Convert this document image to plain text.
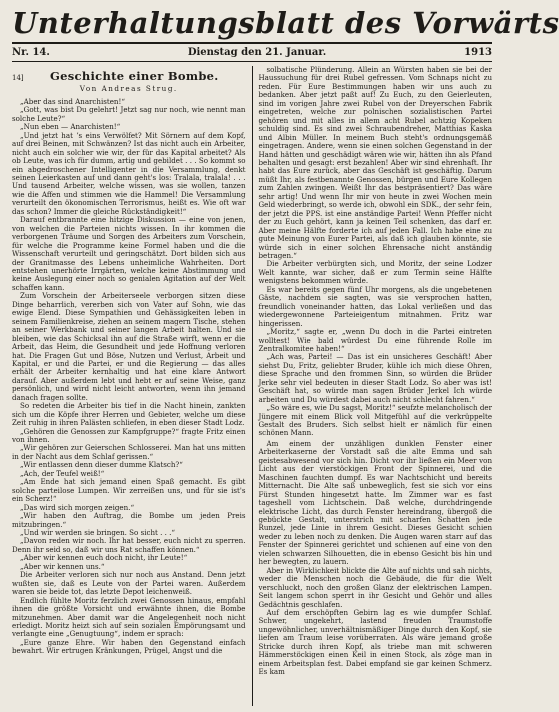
Unterhaltungsblatt des Vorwärts
Nr. 14.	Dienstag den 21. Januar.	1913
14]	Geschichte einer Bombe.
Von Andreas Strug.

„Aber das sind Anarchisten!“

„Gott, was bist Du gelehrt! Jetzt sag nur noch, wie nennt man solche Leute?“

„Nun eben — Anarchisten!“

„Und jetzt hat ʼs eins Verwölfet? Mit Sörnern auf dem Kopf, auf drei Beinen, mit Schwänzen? Ist das nicht auch ein Arbeiter, nicht auch ein solcher wie wir, der für das Kapital arbeitet? Als ob Leute, was ich für dumm, artig und gebildet . . . So kommt so ein abgedroschener Intelligenter in die Versammlung, denkt seinen Leierkasten auf und dann geht's los: Tralala, tralala! . . . Und tausend Arbeiter, welche wissen, was sie wollen, tanzen wie die Affen und stimmen wie die Hammel! Die Versammlung verurteilt den ökonomischen Terrorismus, heißt es. Wie oft war das schon? Immer die gleiche Rückständigkeit!“

Darauf entbrannte eine hitzige Diskussion — eine von jenen, von welchen die Parteien nichts wissen. In ihr kommen die verborgenen Träume und Sorgen des Arbeiters zum Vorschein, für welche die Programme keine Formel haben und die die Wissenschaft verurteilt und geringschätzt. Dort bilden sich aus der Granitmasse des Lebens unheimliche Wahrheiten. Dort entstehen unerhörte Irrgärten, welche keine Abstimmung und keine Auslegung einer noch so genialen Agitation auf der Welt schaffen kann.

Zum Vorschein der Arbeiterseele verborgen sitzen diese Dinge beharrlich, vererben sich von Vater auf Sohn, wie das ewige Elend. Diese Sympathien und Gehässigkeiten leben in seinem Familienkreise, ziehen an seinem magern Tische, stehen an seiner Werkbank und seiner langen Arbeit halten. Und sie bleiben, wie das Schicksal ihn auf die Straße wirft, wenn er die Arbeit, das Heim, die Gesundheit und jede Hoffnung verloren hat. Die Fragen Gut und Böse, Nutzen und Verlust, Arbeit und Kapital, er und die Partei, er und die Regierung — das alles erhält der Arbeiter kernhaltig und hat eine klare Antwort darauf. Aber außerdem lebt und hebt er auf seine Weise, ganz persönlich, und wird nicht leicht antworten, wenn ihn jemand danach fragen sollte.

So redeten die Arbeiter bis tief in die Nacht hinein, zankten sich um die Köpfe ihrer Herren und Gebieter, welche um diese Zeit ruhig in ihren Palästen schliefen, in eben dieser Stadt Lodz.

„Gehören die Genossen zur Kampfgruppe?“ fragte Fritz einen von ihnen.

„Wir gehören zur Geierschen Schlosserei. Man hat uns mitten in der Nacht aus dem Schlaf gerissen.“

„Wir entlassen denn dieser dumme Klatsch?“

„Ach, der Teufel weiß!“

„Am Ende hat sich jemand einen Spaß gemacht. Es gibt solche parteilose Lumpen. Wir zerreißen uns, und für sie ist's ein Scherz!“

„Das wird sich morgen zeigen.“

„Wir haben den Auftrag, die Bombe um jeden Preis mitzubringen.“

„Und wir werden sie bringen. So sicht . . .“

„Davon reden wir noch. Ihr hat besser, euch nicht zu sperren. Denn ihr seid so, daß wir uns Rat schaffen können.“

„Aber wir kennen euch doch nicht, ihr Leute!“

„Aber wir kennen uns.“

Die Arbeiter verloren sich nur noch aus Anstand. Denn jetzt wußten sie, daß es Leute von der Partei waren. Außerdem waren sie beide tot, das letzte Depot leichenweiß.

Endlich fühlte Moritz ferzlich zwei Genossen hinaus, empfahl ihnen die größte Vorsicht und erwähnte ihnen, die Bombe mitzunehmen. Aber damit war die Angelegenheit noch nicht erledigt. Moritz heizt sich auf sein sozialen Empörungsamt und verlangte eine „Genugtuung“, indem er sprach:

„Eure ganze Ehre. Wir haben den Gegenstand einfach bewahrt. Wir ertrugen Kränkungen, Prügel, Angst und die

solbatische Plünderung. Allein an Würsten haben sie bei der Haussuchung für drei Rubel gefressen. Vom Schnaps nicht zu reden. Für Eure Bestimmungen haben wir uns auch zu bedanken. Aber jetzt paßt auf! Zu Euch, zu den Geierleuten, sind im vorigen Jahre zwei Rubel von der Dreyerschen Fabrik eingetreten, welche zur polnischen sozialistischen Partei gehören und mit alles in allem acht Rubel achtzig Kopeken schuldig sind. Es sind zwei Schraubendreher, Matthias Kaska und Albin Müller. In meinem Buch steht's ordnungsgemäß eingetragen. Andere, wenn sie einen solchen Gegenstand in der Hand hätten und geschädigt wären wie wir, hätten ihn als Pfand behalten und gesagt: erst bezahlen! Aber wir sind ehrenhaft. Ihr habt das Eure zurück, aber das Geschäft ist geschäftig. Darum müßt Ihr, als festbenannte Genossen, bürgen und Eure Kollegen zum Zahlen zwingen. Weißt Ihr das bestpräsentiert? Das wäre sehr artig! Und wenn Ihr mir von heute in zwei Wochen mein Geld wiederbringt, so werde ich, obwohl ein SDK., der sehr fein, der jetzt die PPS. ist eine anständige Partei! Wenn Pfeffer nicht der zu Euch gehört, kann ja keinen Teil schenken, das darf er. Aber meine Hälfte forderte ich auf jeden Fall. Ich habe eine zu gute Meinung von Eurer Partei, als daß ich glauben könnte, sie würde sich in einer solchen Ehrensache nicht anständig betragen.“

Die Arbeiter verbürgten sich, und Moritz, der seine Lodzer Welt kannte, war sicher, daß er zum Termin seine Hälfte wenigstens bekommen würde.

Es war bereits gegen fünf Uhr morgens, als die ungebetenen Gäste, nachdem sie sagten, was sie versprochen hatten, freundlich voneinander hatten, das Lokal verließen und das wiedergewonnene Parteieigentum mitnahmen. Fritz war hingerissen.

„Moritz,“ sagte er, „wenn Du doch in die Partei eintreten wolltest! Wie bald würdest Du eine führende Rolle im Zentralkomitee haben!“

„Ach was, Partei! — Das ist ein unsicheres Geschäft! Aber siehst Du, Fritz, geliebter Bruder, kühle ich mich diese Ohren, diese Sprache und den frommen Sinn, so würden die Brüder Jerke sehr viel bedeuten in dieser Stadt Lodz. So aber was ist! Geschäft hat, so würde man sagen Brüder Jerkel Ich würde arbeiten und Du würdest dabei auch nicht schlecht fahren.“

„So wäre es, wie Du sagst, Moritz!“ seufzte melancholisch der Jüngere mit einem Blick voll Mitgefühl auf die verkrüppelte Gestalt des Bruders. Sich selbst hielt er nämlich für einen schönen Mann.

Am einem der unzähligen dunklen Fenster einer Arbeiterkaserne der Vorstadt saß die alte Emma und sah geistesabwesend vor sich hin. Dicht vor ihr ließen ein Meer von Licht aus der vierstöckigen Front der Spinnerei, und die Maschinen fauchten dumpf. Es war Nachtschicht und bereits Mitternacht. Die Alte saß unbeweglich, fest sie sich vor eins Fürst Stunden hingesetzt hatte. Im Zimmer war es fast tageshell vom Lichtschein. Daß welche, durchdringende elektrische Licht, das durch Fenster hereindrang, übergoß die gebückte Gestalt, unterstrich mit scharfen Schatten jede Runzel, jede Linie in ihrem Gesicht. Dieses Gesicht schien weder zu leben noch zu denken. Die Augen waren starr auf das Fenster der Spinnerei gerichtet und schienen auf eine von den vielen schwarzen Silhouetten, die in ebenso Gesicht bis hin und her bewegten, zu lauern.

Aber in Wirklichkeit blickte die Alte auf nichts und sah nichts, weder die Menschen noch die Gebäude, die für die Welt verschluckt, noch den großen Glanz der elektrischen Lampen. Seit langem schon sperrt in ihr Gesicht und Gehör und alles Gedächtnis geschlafen.

Auf dem erschöpften Gebirn lag es wie dumpfer Schlaf. Schwer, ungekehrt, lastend freuden Traumstoffe ungewöhnlicher, unverhältnismäßiger Dinge durch den Kopf, sie liefen am Traum leise vorüberraten. Als wäre jemand große Stricke durch ihren Kopf, als triebe man mit schweren Hämmerstöckigen einen Keil in einen Stock, als zöge man in einem Arbeitsplan fest. Dabei empfand sie gar keinen Schmerz. Es kam
